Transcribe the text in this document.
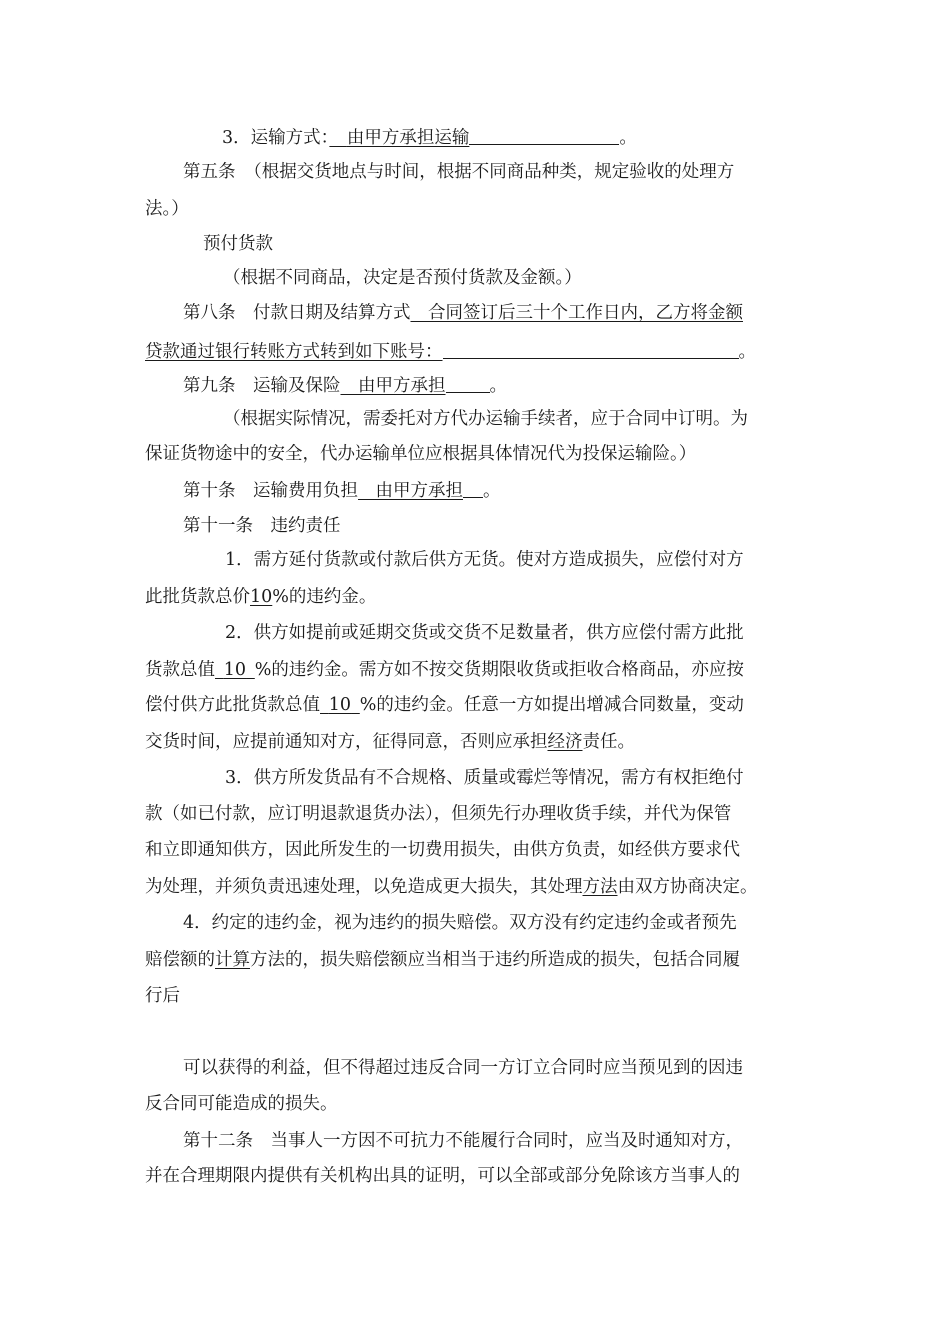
3．运输方式：　 由甲方承担运输	。
第五条　（根据交货地点与时间，根据不同商品种类，规定验收的处理方
法。）
预付货款
（根据不同商品，决定是否预付货款及金额。）
第八条　付款日期及结算方式　 合同签订后三十个工作日内，乙方将金额
贷款通过银行转账方式转到如下账号：	。
第九条　运输及保险　 由甲方承担	。
（根据实际情况，需委托对方代办运输手续者，应于合同中订明。为
保证货物途中的安全，代办运输单位应根据具体情况代为投保运输险。）
第十条　运输费用负担　 由甲方承担 。
第十一条　违约责任
1．需方延付货款或付款后供方无货。使对方造成损失，应偿付对方
此批货款总价10%的违约金。
2．供方如提前或延期交货或交货不足数量者，供方应偿付需方此批
货款总值  10  %的违约金。需方如不按交货期限收货或拒收合格商品，亦应按
偿付供方此批货款总值  10  %的违约金。任意一方如提出增减合同数量，变动
交货时间，应提前通知对方，征得同意，否则应承担经济责任。
3．供方所发货品有不合规格、质量或霉烂等情况，需方有权拒绝付
款（如已付款，应订明退款退货办法），但须先行办理收货手续，并代为保管
和立即通知供方，因此所发生的一切费用损失，由供方负责，如经供方要求代
为处理，并须负责迅速处理，以免造成更大损失，其处理方法由双方协商决定。
4．约定的违约金，视为违约的损失赔偿。双方没有约定违约金或者预先
赔偿额的计算方法的，损失赔偿额应当相当于违约所造成的损失，包括合同履
行后
可以获得的利益，但不得超过违反合同一方订立合同时应当预见到的因违
反合同可能造成的损失。
第十二条　当事人一方因不可抗力不能履行合同时，应当及时通知对方，
并在合理期限内提供有关机构出具的证明，可以全部或部分免除该方当事人的
